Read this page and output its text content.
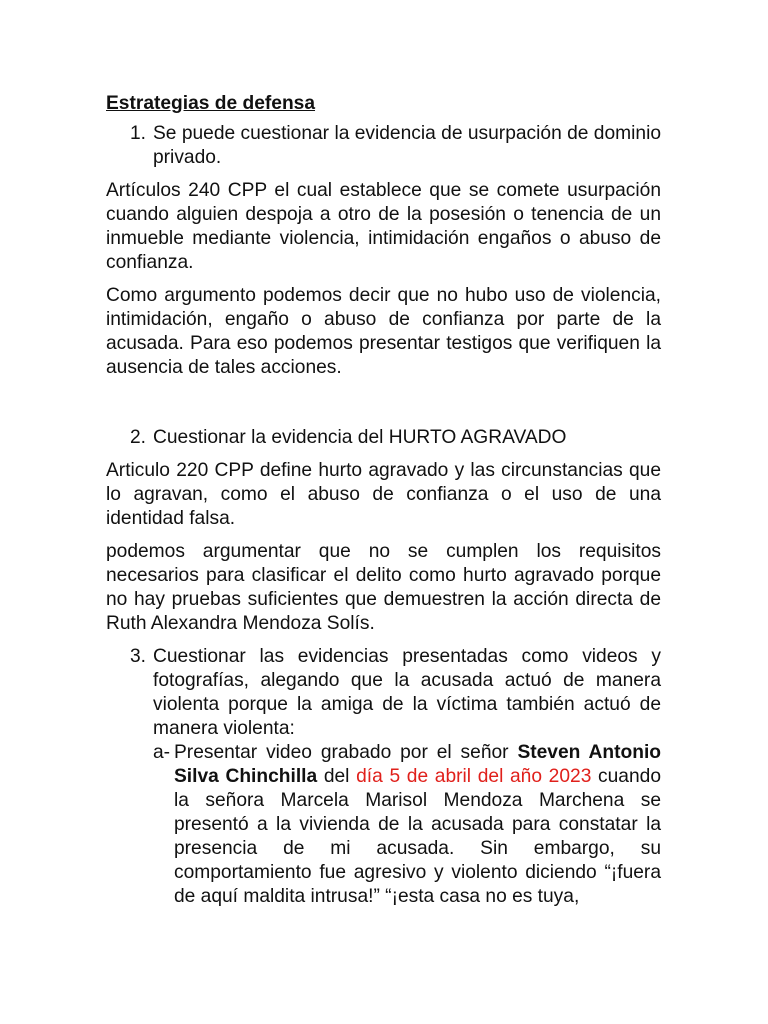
Estrategias de defensa
1. Se puede cuestionar la evidencia de usurpación de dominio privado.

Artículos 240 CPP el cual establece que se comete usurpación cuando alguien despoja a otro de la posesión o tenencia de un inmueble mediante violencia, intimidación engaños o abuso de confianza.

Como argumento podemos decir que no hubo uso de violencia, intimidación, engaño o abuso de confianza por parte de la acusada. Para eso podemos presentar testigos que verifiquen la ausencia de tales acciones.

2. Cuestionar la evidencia del HURTO AGRAVADO

Articulo 220 CPP define hurto agravado y las circunstancias que lo agravan, como el abuso de confianza o el uso de una identidad falsa.

podemos argumentar que no se cumplen los requisitos necesarios para clasificar el delito como hurto agravado porque no hay pruebas suficientes que demuestren la acción directa de Ruth Alexandra Mendoza Solís.

3. Cuestionar las evidencias presentadas como videos y fotografías, alegando que la acusada actuó de manera violenta porque la amiga de la víctima también actuó de manera violenta:
a- Presentar video grabado por el señor Steven Antonio Silva Chinchilla del día 5 de abril del año 2023 cuando la señora Marcela Marisol Mendoza Marchena se presentó a la vivienda de la acusada para constatar la presencia de mi acusada. Sin embargo, su comportamiento fue agresivo y violento diciendo “¡fuera de aquí maldita intrusa!” “¡esta casa no es tuya,
